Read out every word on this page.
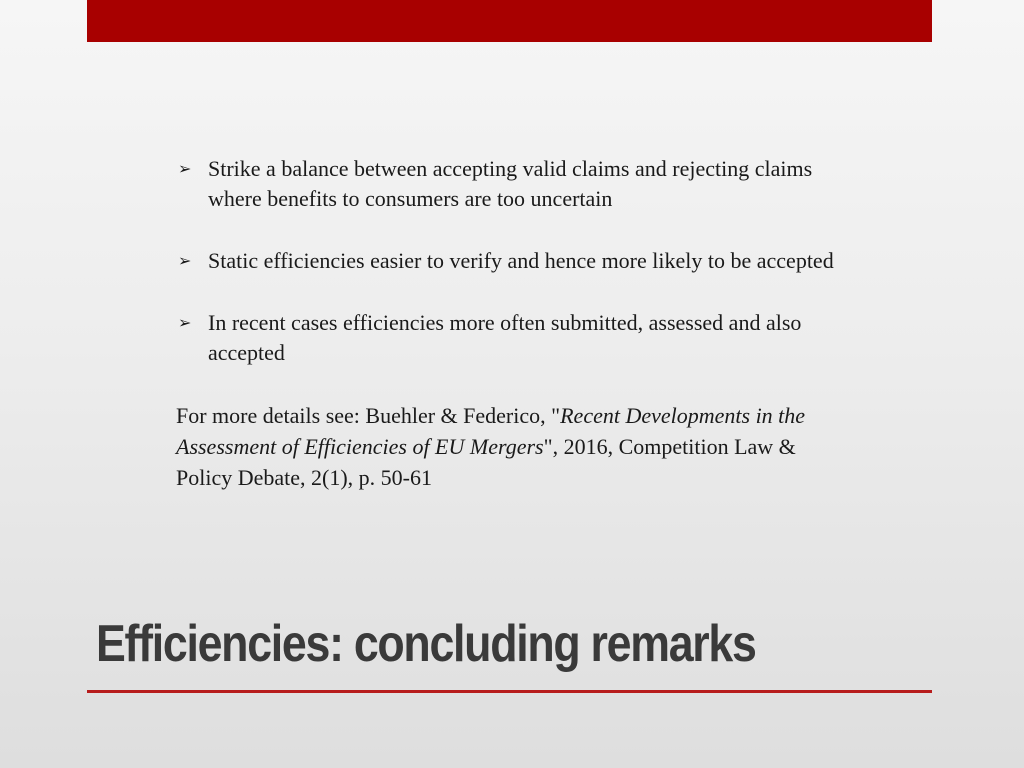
➢ Strike a balance between accepting valid claims and rejecting claims where benefits to consumers are too uncertain
➢ Static efficiencies easier to verify and hence more likely to be accepted
➢ In recent cases efficiencies more often submitted, assessed and also accepted

For more details see: Buehler & Federico, "Recent Developments in the Assessment of Efficiencies of EU Mergers", 2016, Competition Law & Policy Debate, 2(1), p. 50-61

Efficiencies: concluding remarks
